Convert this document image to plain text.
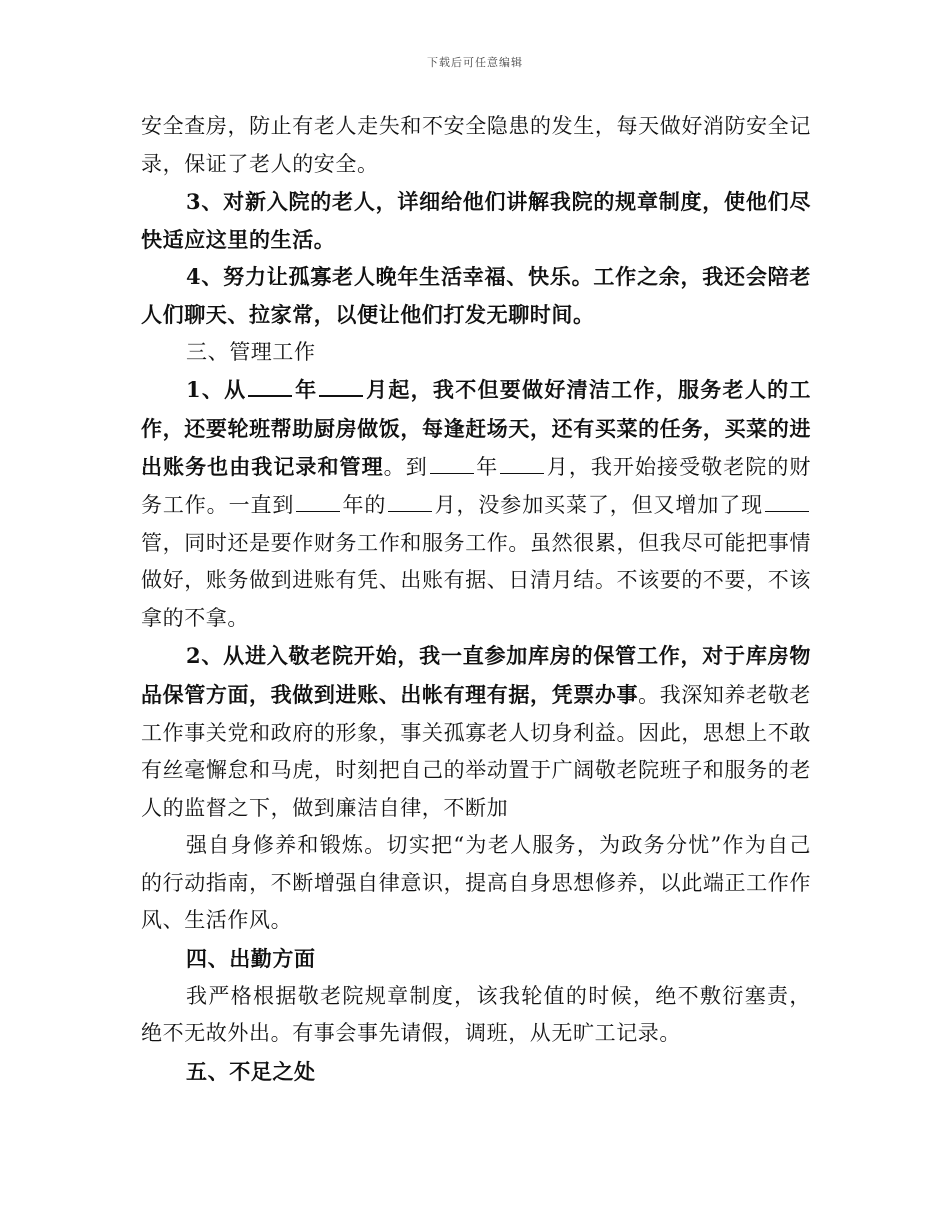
下载后可任意编辑

安全查房，防止有老人走失和不安全隐患的发生，每天做好消防安全记录，保证了老人的安全。

3、对新入院的老人，详细给他们讲解我院的规章制度，使他们尽快适应这里的生活。

4、努力让孤寡老人晚年生活幸福、快乐。工作之余，我还会陪老人们聊天、拉家常，以便让他们打发无聊时间。

三、管理工作

1、从 年 月起，我不但要做好清洁工作，服务老人的工作，还要轮班帮助厨房做饭，每逢赶场天，还有买菜的任务，买菜的进出账务也由我记录和管理。到 年 月，我开始接受敬老院的财务工作。一直到 年的 月，没参加买菜了，但又增加了现管，同时还是要作财务工作和服务工作。虽然很累，但我尽可能把事情做好，账务做到进账有凭、出账有据、日清月结。不该要的不要，不该拿的不拿。

2、从进入敬老院开始，我一直参加库房的保管工作，对于库房物品保管方面，我做到进账、出帐有理有据，凭票办事。我深知养老敬老工作事关党和政府的形象，事关孤寡老人切身利益。因此，思想上不敢有丝毫懈怠和马虎，时刻把自己的举动置于广阔敬老院班子和服务的老人的监督之下，做到廉洁自律，不断加

强自身修养和锻炼。切实把“为老人服务，为政务分忧”作为自己的行动指南，不断增强自律意识，提高自身思想修养，以此端正工作作风、生活作风。

四、出勤方面

我严格根据敬老院规章制度，该我轮值的时候，绝不敷衍塞责，绝不无故外出。有事会事先请假，调班，从无旷工记录。

五、不足之处
